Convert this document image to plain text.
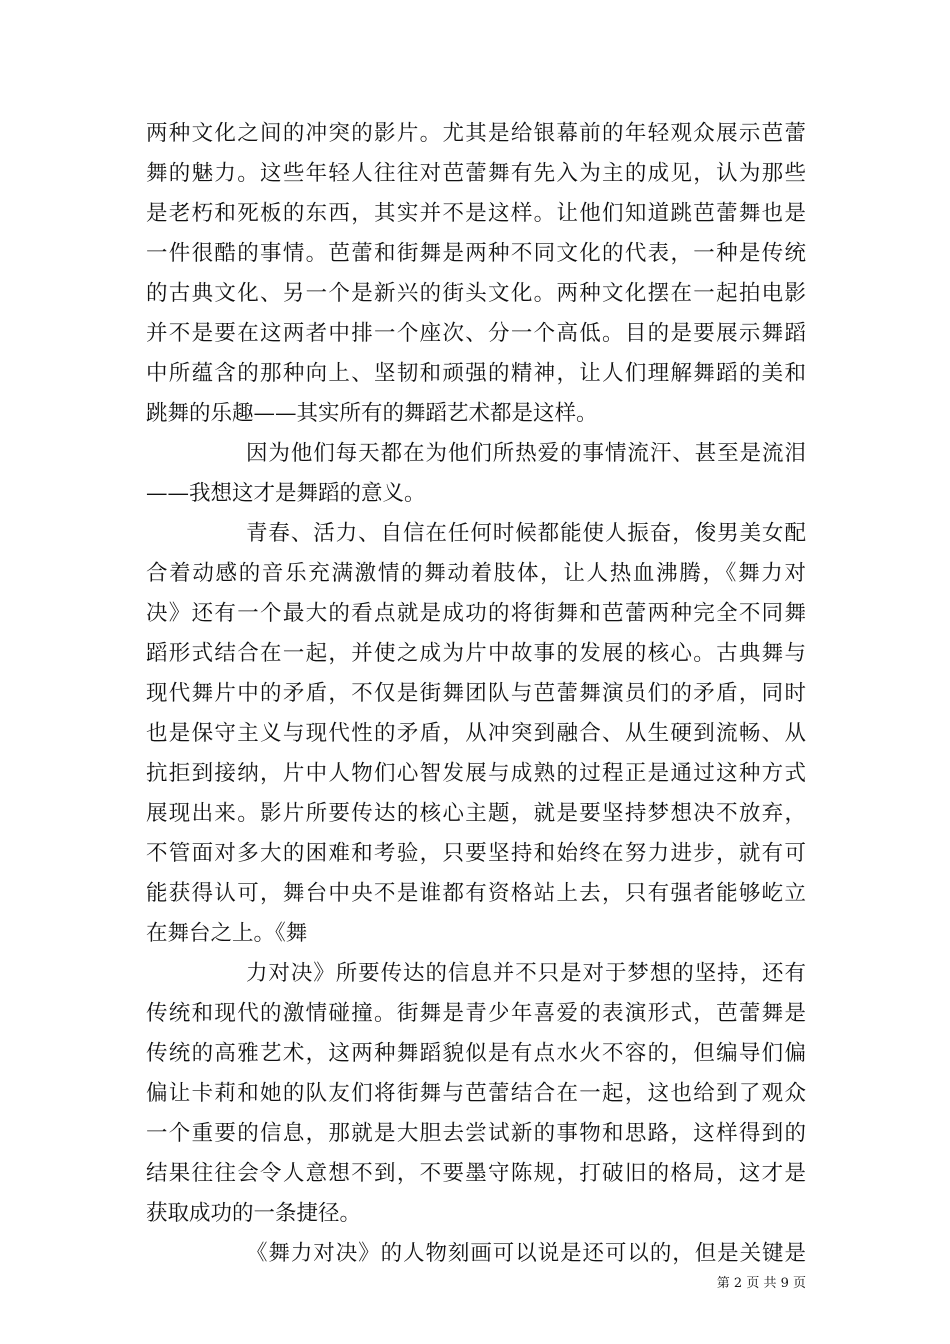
两种文化之间的冲突的影片。尤其是给银幕前的年轻观众展示芭蕾
舞的魅力。这些年轻人往往对芭蕾舞有先入为主的成见，认为那些
是老朽和死板的东西，其实并不是这样。让他们知道跳芭蕾舞也是
一件很酷的事情。芭蕾和街舞是两种不同文化的代表，一种是传统
的古典文化、另一个是新兴的街头文化。两种文化摆在一起拍电影
并不是要在这两者中排一个座次、分一个高低。目的是要展示舞蹈
中所蕴含的那种向上、坚韧和顽强的精神，让人们理解舞蹈的美和
跳舞的乐趣——其实所有的舞蹈艺术都是这样。
因为他们每天都在为他们所热爱的事情流汗、甚至是流泪
——我想这才是舞蹈的意义。
青春、活力、自信在任何时候都能使人振奋，俊男美女配
合着动感的音乐充满激情的舞动着肢体，让人热血沸腾，《舞力对
决》还有一个最大的看点就是成功的将街舞和芭蕾两种完全不同舞
蹈形式结合在一起，并使之成为片中故事的发展的核心。古典舞与
现代舞片中的矛盾，不仅是街舞团队与芭蕾舞演员们的矛盾，同时
也是保守主义与现代性的矛盾，从冲突到融合、从生硬到流畅、从
抗拒到接纳，片中人物们心智发展与成熟的过程正是通过这种方式
展现出来。影片所要传达的核心主题，就是要坚持梦想决不放弃，
不管面对多大的困难和考验，只要坚持和始终在努力进步，就有可
能获得认可，舞台中央不是谁都有资格站上去，只有强者能够屹立
在舞台之上。《舞
力对决》所要传达的信息并不只是对于梦想的坚持，还有
传统和现代的激情碰撞。街舞是青少年喜爱的表演形式，芭蕾舞是
传统的高雅艺术，这两种舞蹈貌似是有点水火不容的，但编导们偏
偏让卡莉和她的队友们将街舞与芭蕾结合在一起，这也给到了观众
一个重要的信息，那就是大胆去尝试新的事物和思路，这样得到的
结果往往会令人意想不到，不要墨守陈规，打破旧的格局，这才是
获取成功的一条捷径。
《舞力对决》的人物刻画可以说是还可以的，但是关键是
第 2 页 共 9 页
